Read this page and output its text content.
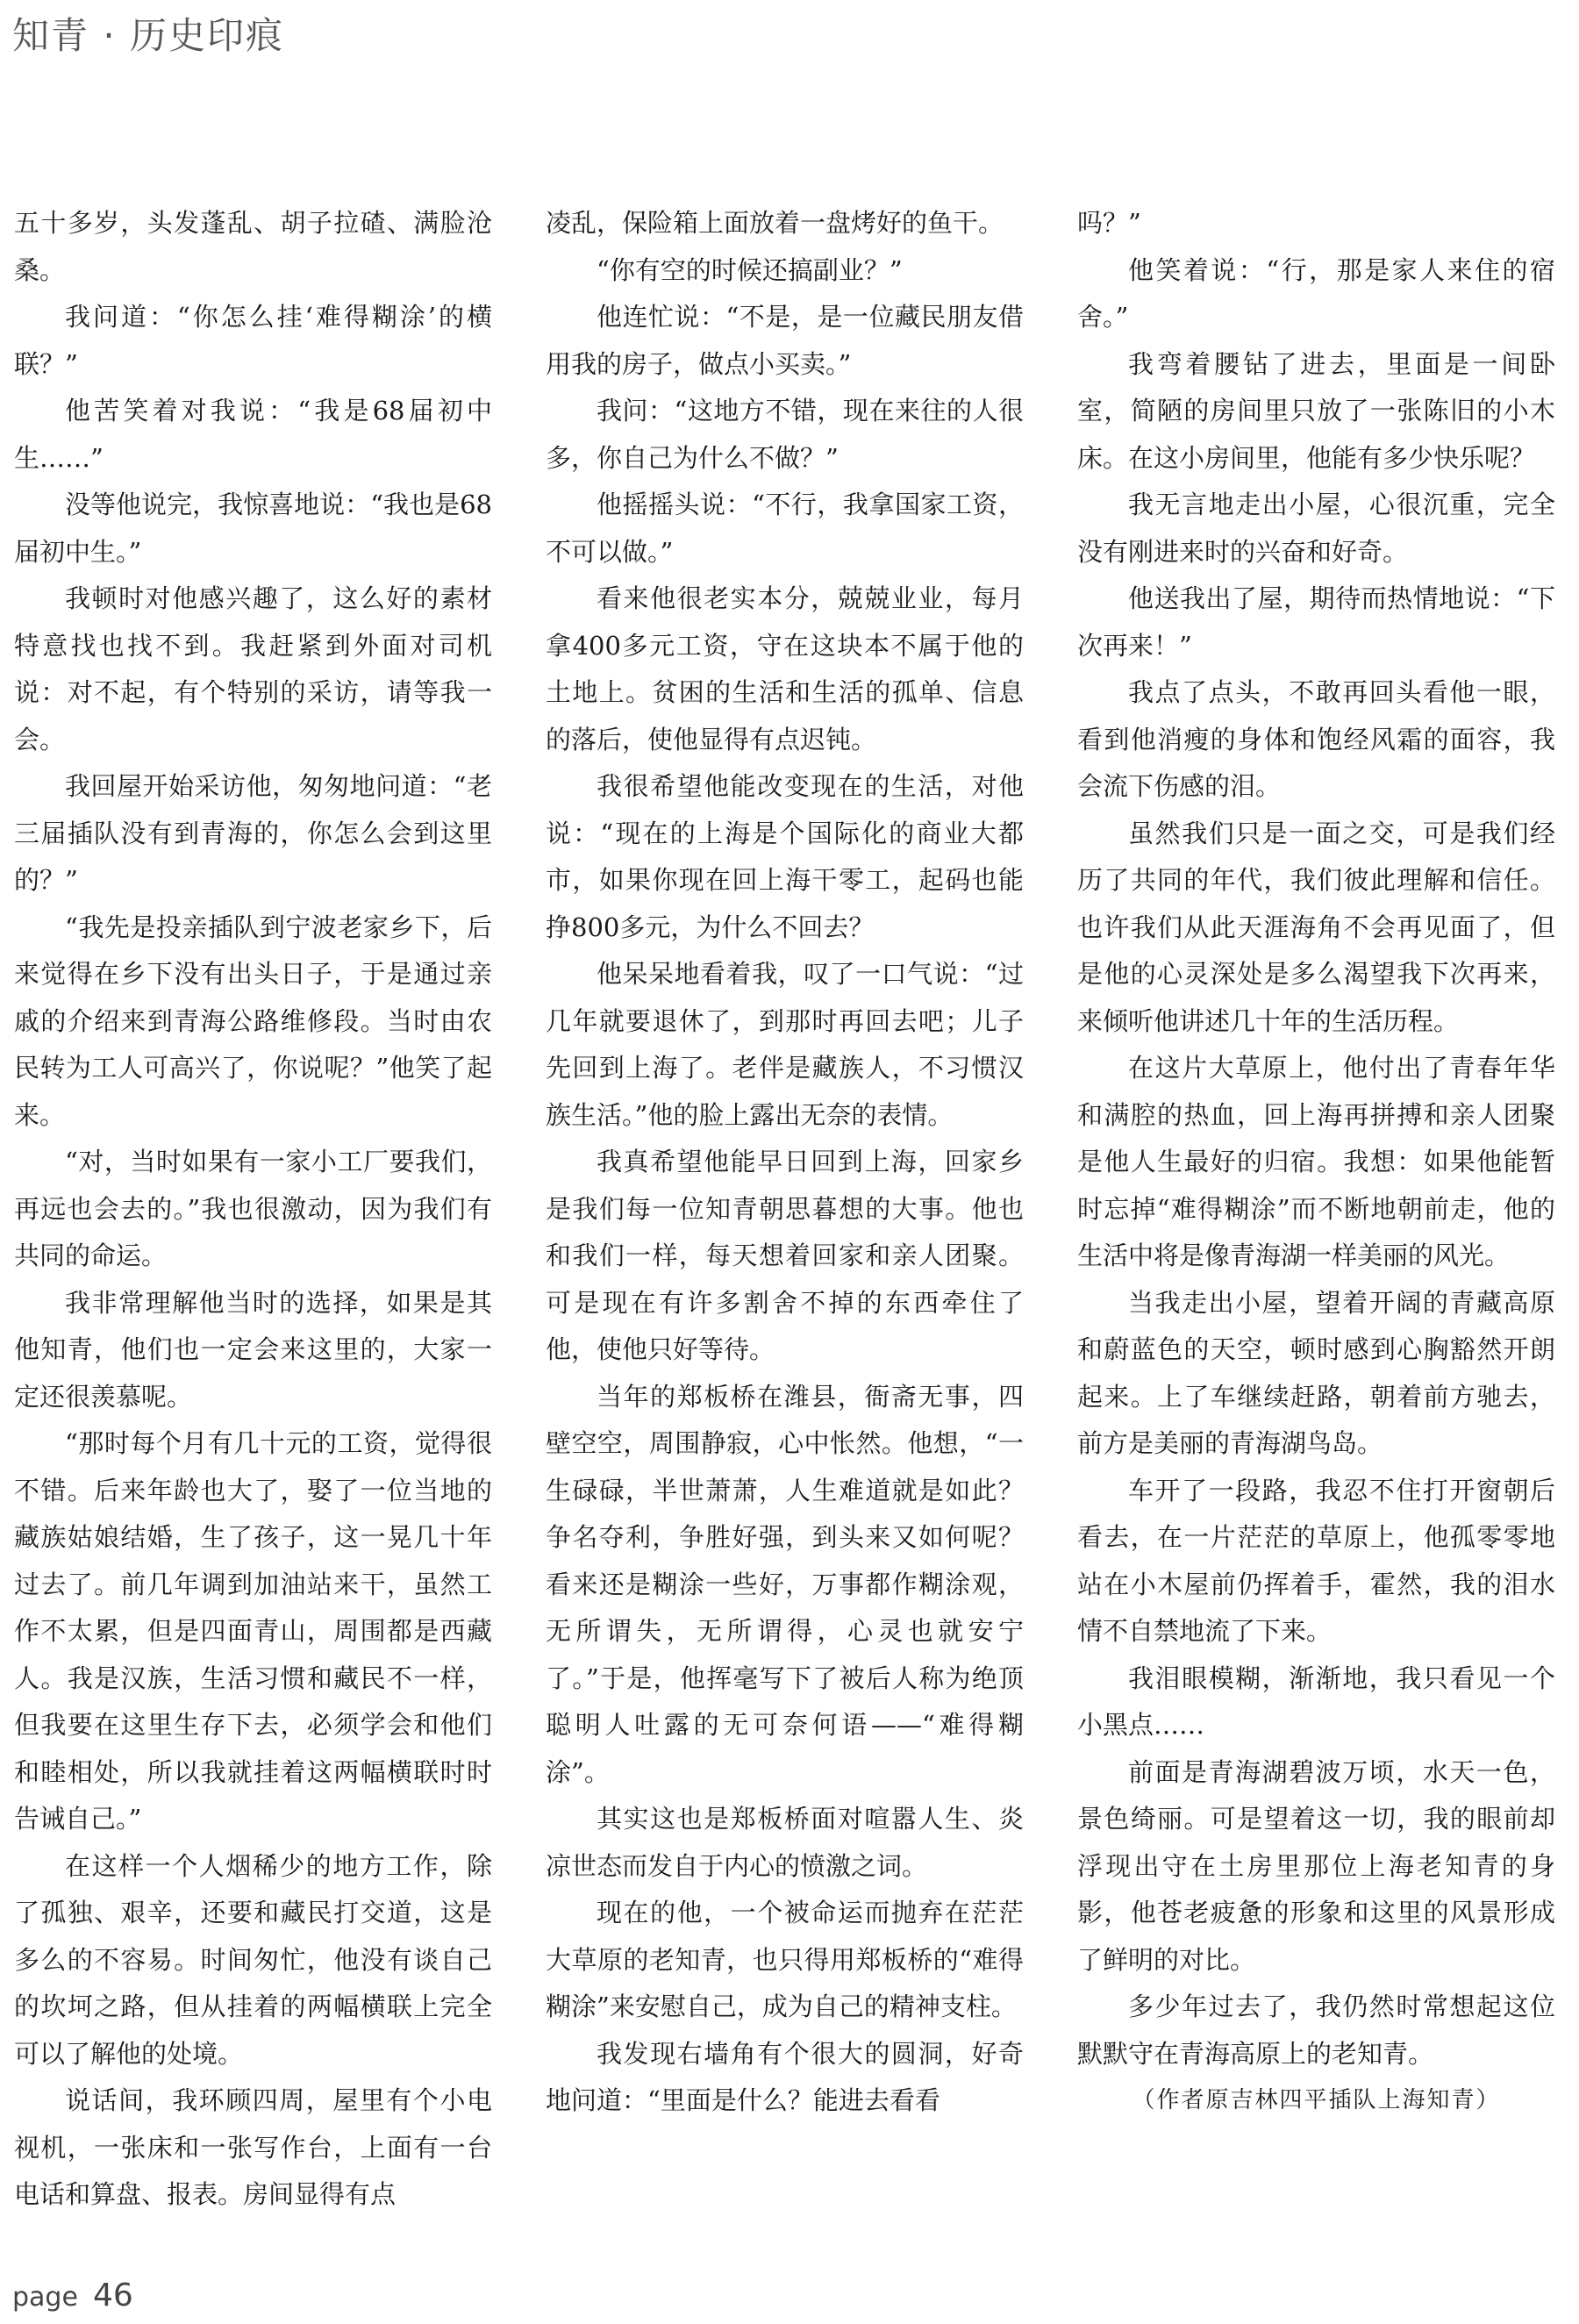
知青 · 历史印痕

五十多岁，头发蓬乱、胡子拉碴、满脸沧桑。

我问道：“你怎么挂‘难得糊涂’的横联？”

他苦笑着对我说：“我是68届初中生……”

没等他说完，我惊喜地说：“我也是68届初中生。”

我顿时对他感兴趣了，这么好的素材特意找也找不到。我赶紧到外面对司机说：对不起，有个特别的采访，请等我一会。

我回屋开始采访他，匆匆地问道：“老三届插队没有到青海的，你怎么会到这里的？”

“我先是投亲插队到宁波老家乡下，后来觉得在乡下没有出头日子，于是通过亲戚的介绍来到青海公路维修段。当时由农民转为工人可高兴了，你说呢？”他笑了起来。

“对，当时如果有一家小工厂要我们，再远也会去的。”我也很激动，因为我们有共同的命运。

我非常理解他当时的选择，如果是其他知青，他们也一定会来这里的，大家一定还很羡慕呢。

“那时每个月有几十元的工资，觉得很不错。后来年龄也大了，娶了一位当地的藏族姑娘结婚，生了孩子，这一晃几十年过去了。前几年调到加油站来干，虽然工作不太累，但是四面青山，周围都是西藏人。我是汉族，生活习惯和藏民不一样， 但我要在这里生存下去，必须学会和他们和睦相处，所以我就挂着这两幅横联时时告诫自己。”

在这样一个人烟稀少的地方工作，除了孤独、艰辛，还要和藏民打交道，这是多么的不容易。时间匆忙，他没有谈自己的坎坷之路，但从挂着的两幅横联上完全可以了解他的处境。

说话间，我环顾四周，屋里有个小电视机，一张床和一张写作台，上面有一台电话和算盘、报表。房间显得有点

凌乱，保险箱上面放着一盘烤好的鱼干。

“你有空的时候还搞副业？”

他连忙说：“不是，是一位藏民朋友借用我的房子，做点小买卖。”

我问：“这地方不错，现在来往的人很多，你自己为什么不做？”

他摇摇头说：“不行，我拿国家工资，不可以做。”

看来他很老实本分，兢兢业业，每月拿400多元工资，守在这块本不属于他的土地上。贫困的生活和生活的孤单、信息的落后，使他显得有点迟钝。

我很希望他能改变现在的生活，对他说：“现在的上海是个国际化的商业大都市，如果你现在回上海干零工，起码也能挣800多元，为什么不回去？

他呆呆地看着我，叹了一口气说：“过几年就要退休了，到那时再回去吧；儿子先回到上海了。老伴是藏族人，不习惯汉族生活。”他的脸上露出无奈的表情。

我真希望他能早日回到上海，回家乡是我们每一位知青朝思暮想的大事。他也和我们一样，每天想着回家和亲人团聚。可是现在有许多割舍不掉的东西牵住了他，使他只好等待。

当年的郑板桥在潍县，衙斋无事，四壁空空，周围静寂，心中怅然。他想，“一生碌碌，半世萧萧，人生难道就是如此？争名夺利，争胜好强，到头来又如何呢？看来还是糊涂一些好，万事都作糊涂观，无所谓失，无所谓得，心灵也就安宁了。”于是，他挥毫写下了被后人称为绝顶聪明人吐露的无可奈何语——“难得糊涂”。

其实这也是郑板桥面对喧嚣人生、炎凉世态而发自于内心的愤激之词。

现在的他，一个被命运而抛弃在茫茫大草原的老知青，也只得用郑板桥的“难得糊涂”来安慰自己，成为自己的精神支柱。

我发现右墙角有个很大的圆洞，好奇地问道：“里面是什么？能进去看看

吗？”

他笑着说：“行，那是家人来住的宿舍。”

我弯着腰钻了进去，里面是一间卧室，简陋的房间里只放了一张陈旧的小木床。在这小房间里，他能有多少快乐呢？

我无言地走出小屋，心很沉重，完全没有刚进来时的兴奋和好奇。

他送我出了屋，期待而热情地说：“下次再来！”

我点了点头，不敢再回头看他一眼，看到他消瘦的身体和饱经风霜的面容，我会流下伤感的泪。

虽然我们只是一面之交，可是我们经历了共同的年代，我们彼此理解和信任。也许我们从此天涯海角不会再见面了，但是他的心灵深处是多么渴望我下次再来，来倾听他讲述几十年的生活历程。

在这片大草原上，他付出了青春年华和满腔的热血，回上海再拼搏和亲人团聚是他人生最好的归宿。我想：如果他能暂时忘掉“难得糊涂”而不断地朝前走，他的生活中将是像青海湖一样美丽的风光。

当我走出小屋，望着开阔的青藏高原和蔚蓝色的天空，顿时感到心胸豁然开朗起来。上了车继续赶路，朝着前方驰去，前方是美丽的青海湖鸟岛。

车开了一段路，我忍不住打开窗朝后看去，在一片茫茫的草原上，他孤零零地站在小木屋前仍挥着手，霍然，我的泪水情不自禁地流了下来。

我泪眼模糊，渐渐地，我只看见一个小黑点……

前面是青海湖碧波万顷，水天一色，景色绮丽。可是望着这一切，我的眼前却浮现出守在土房里那位上海老知青的身影，他苍老疲惫的形象和这里的风景形成了鲜明的对比。

多少年过去了，我仍然时常想起这位默默守在青海高原上的老知青。

（作者原吉林四平插队上海知青）

page 46
